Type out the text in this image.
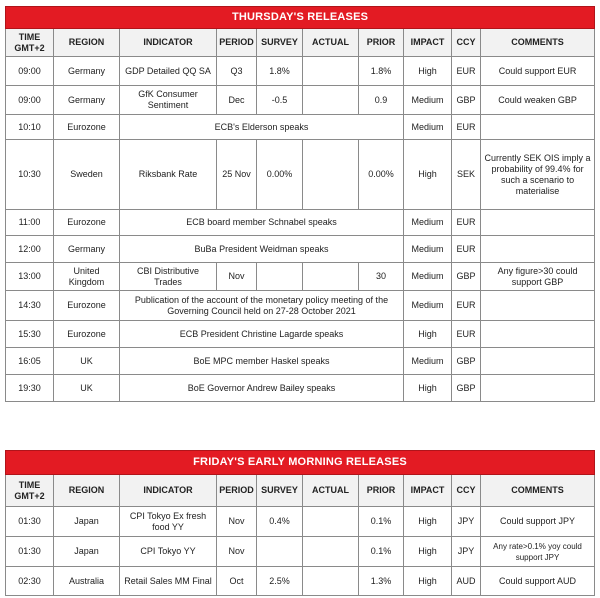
THURSDAY'S RELEASES									
TIME GMT+2	REGION	INDICATOR	PERIOD	SURVEY	ACTUAL	PRIOR	IMPACT	CCY	COMMENTS
09:00	Germany	GDP Detailed QQ SA	Q3	1.8%		1.8%	High	EUR	Could support EUR
09:00	Germany	GfK Consumer Sentiment	Dec	-0.5		0.9	Medium	GBP	Could weaken GBP
10:10	Eurozone	ECB's Elderson speaks					Medium	EUR	
10:30	Sweden	Riksbank Rate	25 Nov	0.00%		0.00%	High	SEK	Currently SEK OIS imply a probability of 99.4% for such a scenario to materialise
11:00	Eurozone	ECB board member Schnabel speaks					Medium	EUR	
12:00	Germany	BuBa President Weidman speaks					Medium	EUR	
13:00	United Kingdom	CBI Distributive Trades	Nov			30	Medium	GBP	Any figure>30 could support GBP
14:30	Eurozone	Publication of the account of the monetary policy meeting of the Governing Council held on 27-28 October 2021					Medium	EUR	
15:30	Eurozone	ECB President Christine Lagarde speaks					High	EUR	
16:05	UK	BoE MPC member Haskel speaks					Medium	GBP	
19:30	UK	BoE Governor Andrew Bailey speaks					High	GBP	
FRIDAY'S EARLY MORNING RELEASES									
TIME GMT+2	REGION	INDICATOR	PERIOD	SURVEY	ACTUAL	PRIOR	IMPACT	CCY	COMMENTS
01:30	Japan	CPI Tokyo Ex fresh food YY	Nov	0.4%		0.1%	High	JPY	Could support JPY
01:30	Japan	CPI Tokyo YY	Nov			0.1%	High	JPY	Any rate>0.1% yoy could support JPY
02:30	Australia	Retail Sales MM Final	Oct	2.5%		1.3%	High	AUD	Could support AUD
